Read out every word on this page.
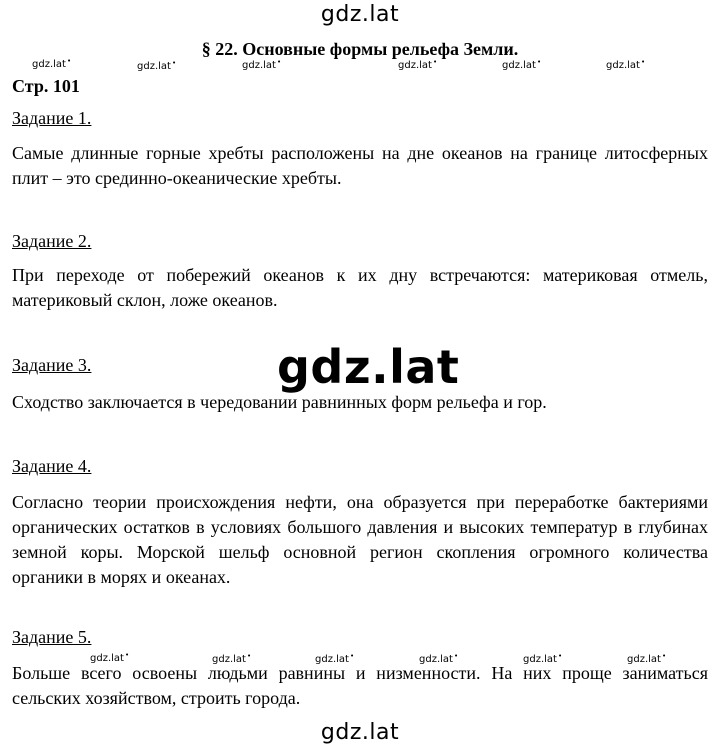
gdz.lat
gdz.lat •	gdz.lat •	gdz.lat •	gdz.lat •	gdz.lat •	gdz.lat •
§ 22. Основные формы рельефа Земли.
Стр. 101
Задание 1.
Самые длинные горные хребты расположены на дне океанов на границе литосферных плит – это срединно-океанические хребты.
Задание 2.
При переходе от побережий океанов к их дну встречаются: материковая отмель, материковый склон, ложе океанов.
gdz.lat
Задание 3.
Сходство заключается в чередовании равнинных форм рельефа и гор.
Задание 4.
Согласно теории происхождения нефти, она образуется при переработке бактериями органических остатков в условиях большого давления и высоких температур в глубинах земной коры. Морской шельф основной регион скопления огромного количества органики в морях и океанах.
Задание 5.
Больше всего освоены людьми равнины и низменности. На них проще заниматься сельских хозяйством, строить города.
gdz.lat •	gdz.lat •	gdz.lat •	gdz.lat •	gdz.lat •	gdz.lat •
gdz.lat
